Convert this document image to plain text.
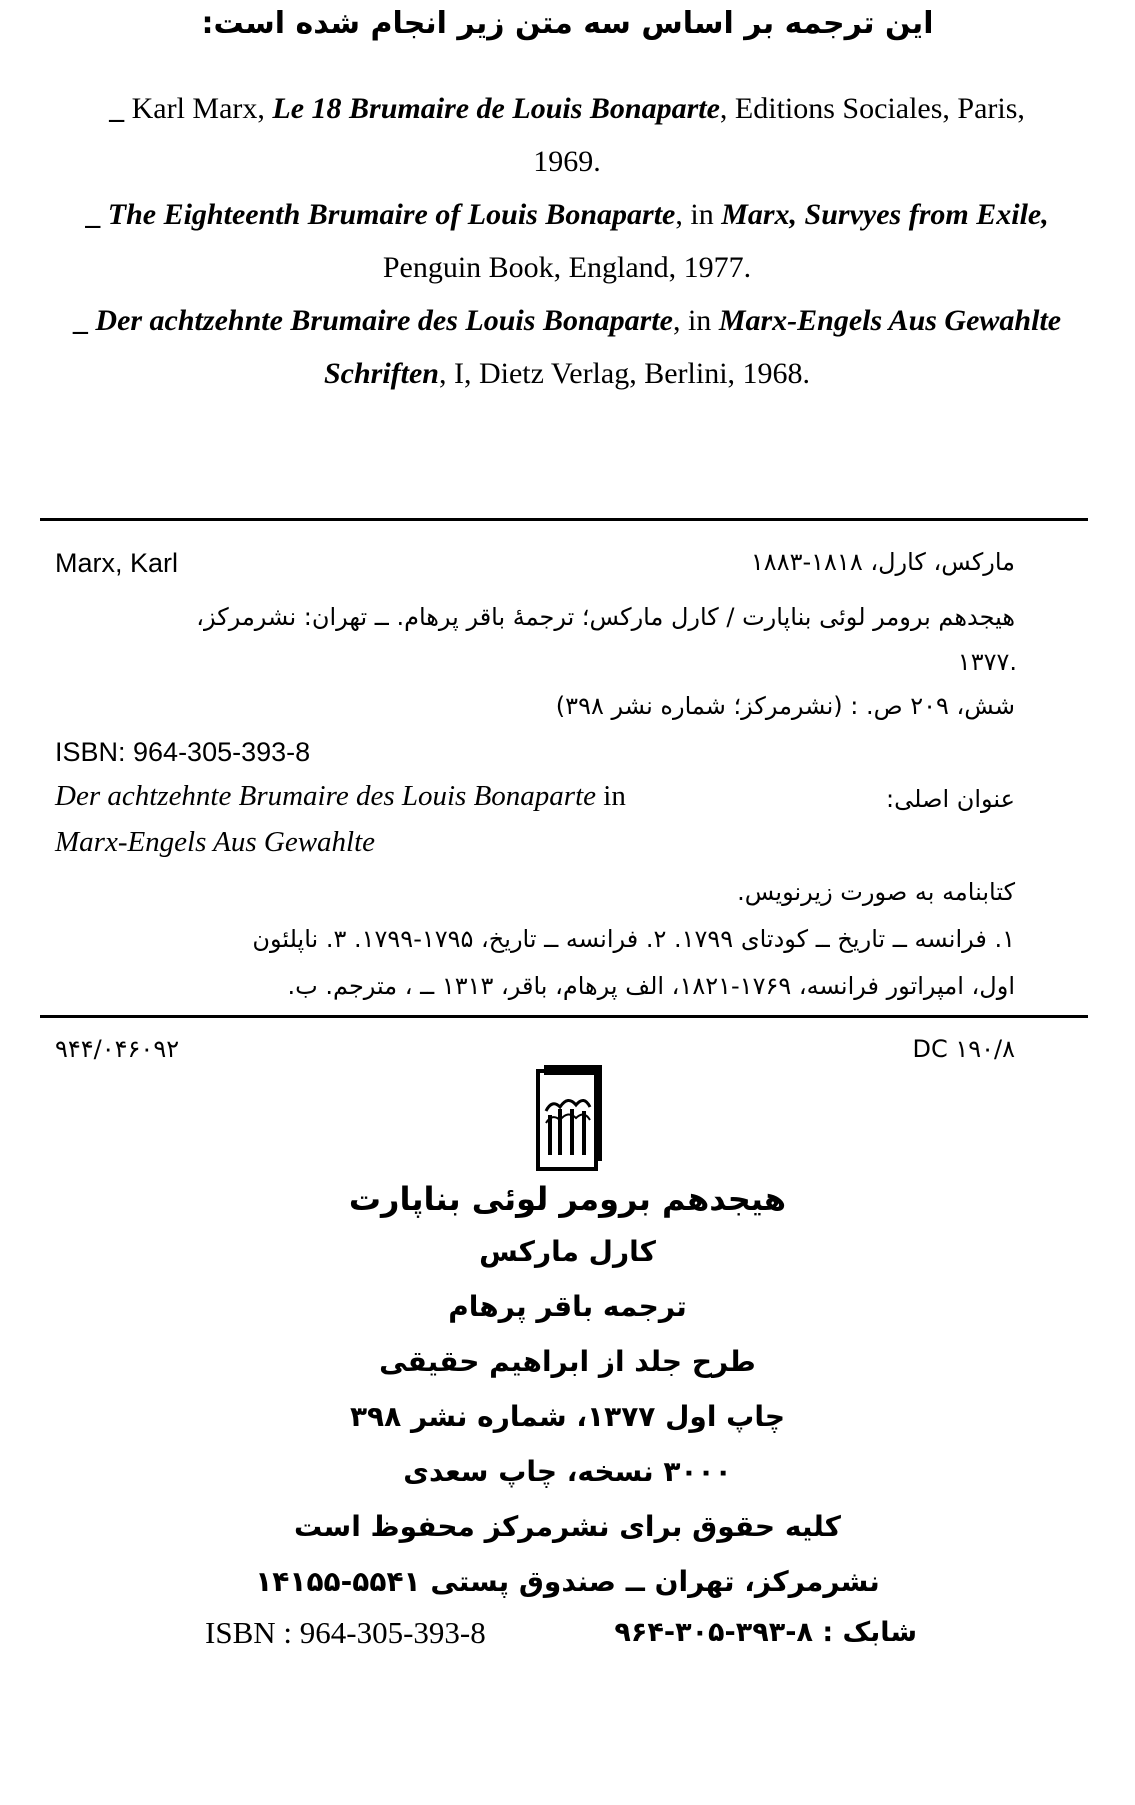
این ترجمه بر اساس سه متن زیر انجام شده است:
_ Karl Marx, Le 18 Brumaire de Louis Bonaparte, Editions Sociales, Paris,
1969.
_ The Eighteenth Brumaire of Louis Bonaparte, in Marx, Survyes from Exile,
Penguin Book, England, 1977.
_ Der achtzehnte Brumaire des Louis Bonaparte, in Marx-Engels Aus Gewahlte
Schriften, I, Dietz Verlag, Berlini, 1968.
Marx, Karl	مارکس، کارل، ۱۸۱۸-۱۸۸۳
هیجدهم برومر لوئی بناپارت / کارل مارکس؛ ترجمهٔ باقر پرهام. ــ تهران: نشرمرکز،
۱۳۷۷.
شش، ۲۰۹ ص. : (نشرمرکز؛ شماره نشر ۳۹۸)
ISBN: 964-305-393-8
عنوان اصلی:
Der achtzehnte Brumaire des Louis Bonaparte in
Marx-Engels Aus Gewahlte
کتابنامه به صورت زیرنویس.
۱. فرانسه ــ تاریخ ــ کودتای ۱۷۹۹. ۲. فرانسه ــ تاریخ، ۱۷۹۵-۱۷۹۹. ۳. ناپلئون
اول، امپراتور فرانسه، ۱۷۶۹-۱۸۲۱، الف پرهام، باقر، ۱۳۱۳ ــ ، مترجم. ب.
۹۴۴/۰۴۶۰۹۲	DC ۱۹۰/۸
هیجدهم برومر لوئی بناپارت
کارل مارکس
ترجمه باقر پرهام
طرح جلد از ابراهیم حقیقی
چاپ اول ۱۳۷۷، شماره نشر ۳۹۸
۳۰۰۰ نسخه، چاپ سعدی
کلیه حقوق برای نشرمرکز محفوظ است
نشرمرکز، تهران ــ صندوق پستی ۵۵۴۱-۱۴۱۵۵
ISBN : 964-305-393-8	شابک : ۸-۳۹۳-۳۰۵-۹۶۴
